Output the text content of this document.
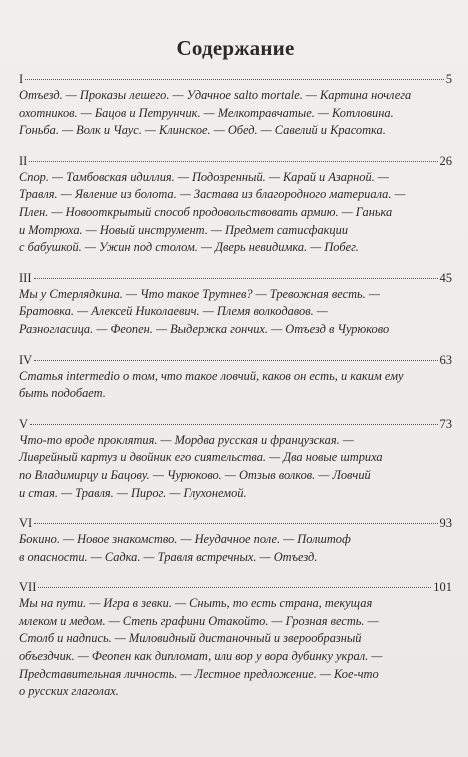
Содержание
I	5
Отъезд. — Проказы лешего. — Удачное salto mortale. — Картина ночлега
охотников. — Бацов и Петрунчик. — Мелкотравчатые. — Котловина.
Гоньба. — Волк и Чаус. — Клинское. — Обед. — Савелий и Красотка.
II	26
Спор. — Тамбовская идиллия. — Подозренный. — Карай и Азарной. —
Травля. — Явление из болота. — Застава из благородного материала. —
Плен. — Новооткрытый способ продовольствовать армию. — Ганька
и Мотрюха. — Новый инструмент. — Предмет сатисфакции
с бабушкой. — Ужин под столом. — Дверь невидимка. — Побег.
III	45
Мы у Стерлядкина. — Что такое Трутнев? — Тревожная весть. —
Братовка. — Алексей Николаевич. — Племя волкодавов. —
Разногласица. — Феопен. — Выдержка гончих. — Отъезд в Чурюково
IV	63
Статья intermedio о том, что такое ловчий, каков он есть, и каким ему
быть подобает.
V	73
Что-то вроде проклятия. — Мордва русская и французская. —
Ливрейный картуз и двойник его сиятельства. — Два новые штриха
по Владимирцу и Бацову. — Чурюково. — Отзыв волков. — Ловчий
и стая. — Травля. — Пирог. — Глухонемой.
VI	93
Бокино. — Новое знакомство. — Неудачное поле. — Полштоф
в опасности. — Садка. — Травля встречных. — Отъезд.
VII	101
Мы на пути. — Игра в зевки. — Сныть, то есть страна, текущая
млеком и медом. — Степь графини Отакойто. — Грозная весть. —
Столб и надпись. — Миловидный дистаночный и зверообразный
объездчик. — Феопен как дипломат, или вор у вора дубинку украл. —
Представительная личность. — Лестное предложение. — Кое-что
о русских глаголах.
